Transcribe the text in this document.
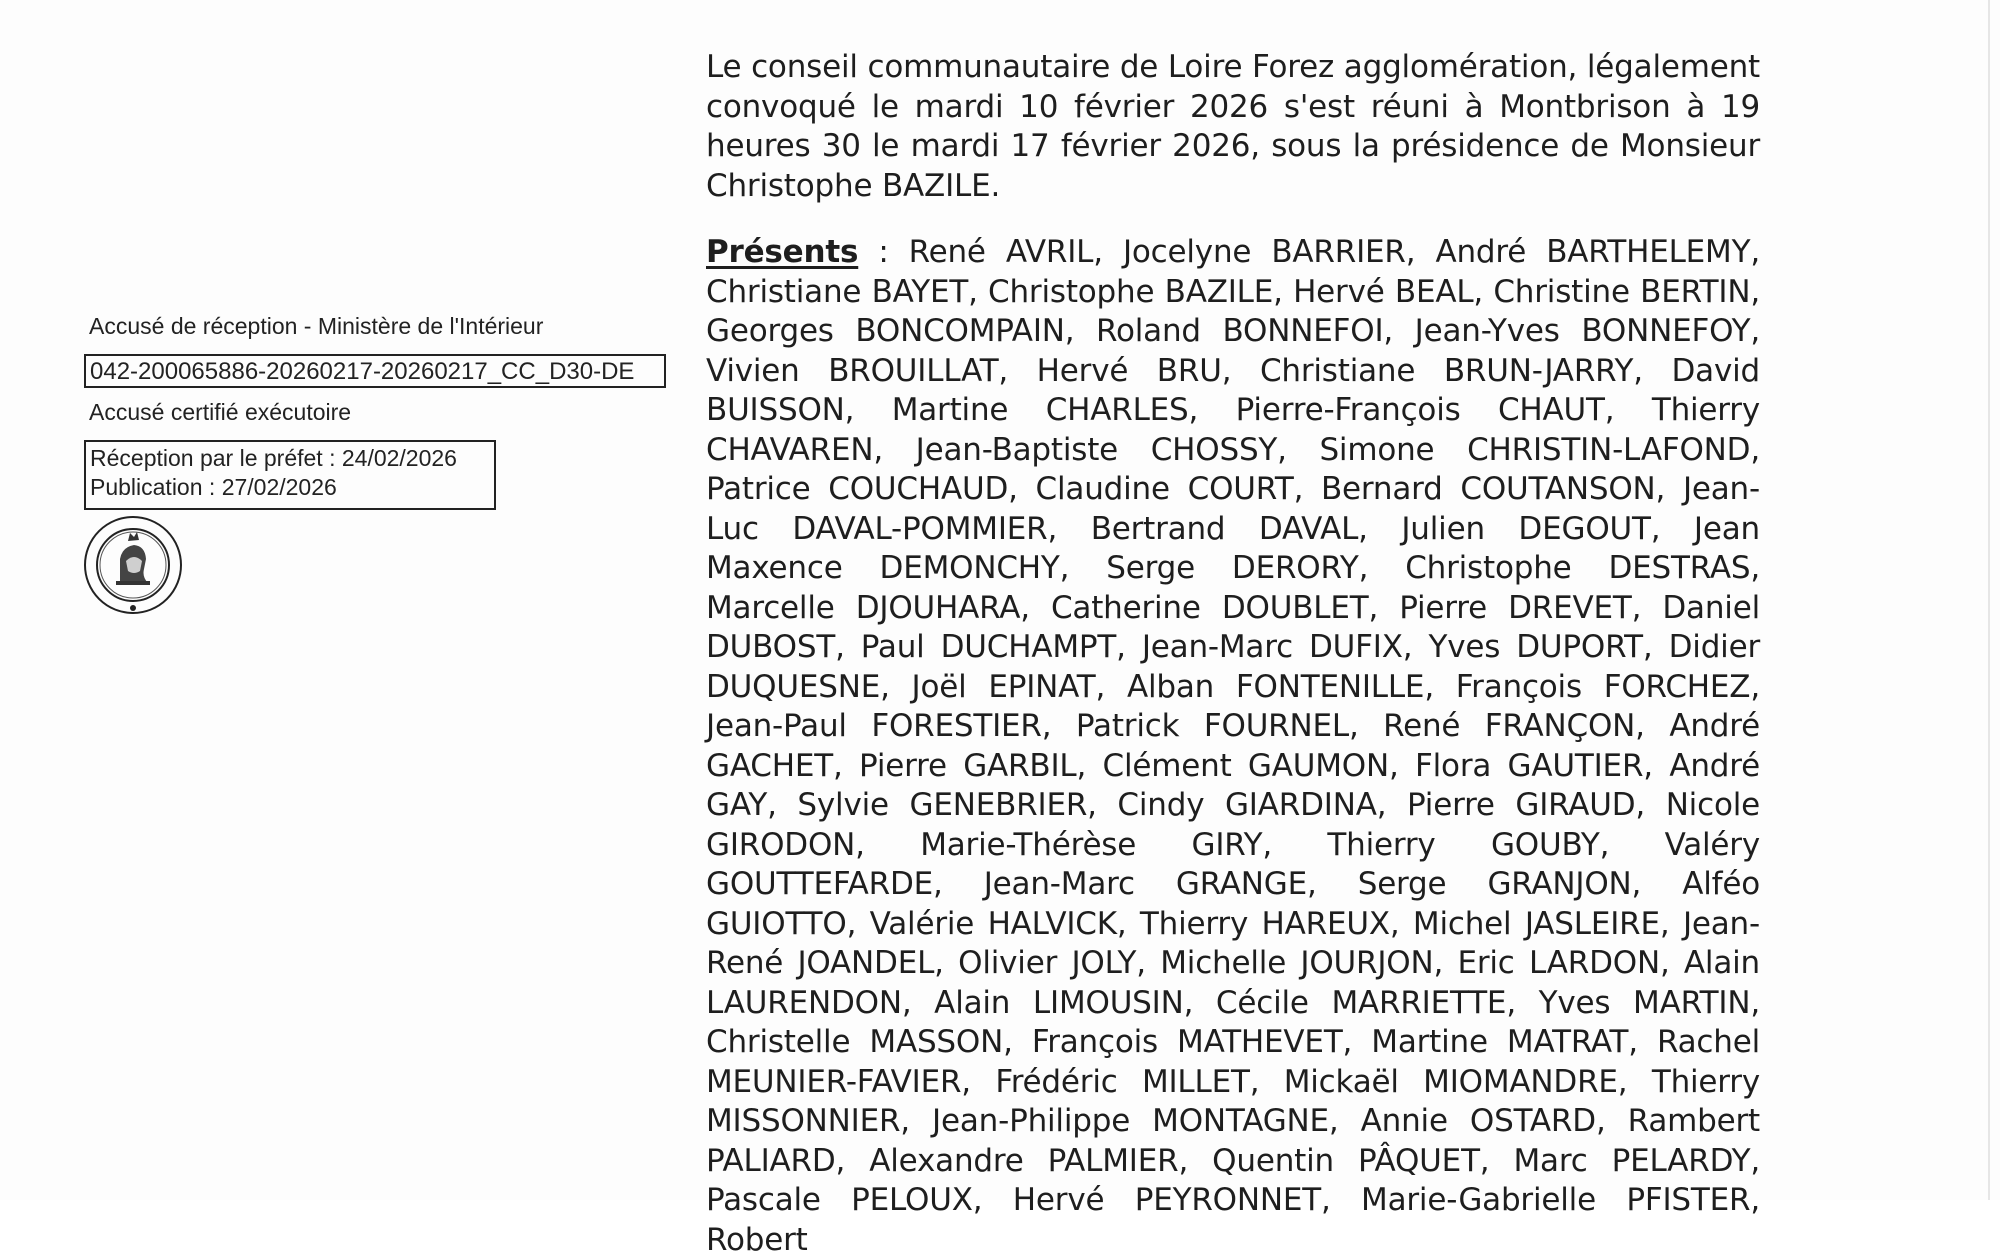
Accusé de réception - Ministère de l'Intérieur
042-200065886-20260217-20260217_CC_D30-DE
Accusé certifié exécutoire
Réception par le préfet : 24/02/2026
Publication : 27/02/2026

Le conseil communautaire de Loire Forez agglomération, légalement convoqué le mardi 10 février 2026 s'est réuni à Montbrison à 19 heures 30 le mardi 17 février 2026, sous la présidence de Monsieur Christophe BAZILE.

Présents : René AVRIL, Jocelyne BARRIER, André BARTHELEMY, Christiane BAYET, Christophe BAZILE, Hervé BEAL, Christine BERTIN, Georges BONCOMPAIN, Roland BONNEFOI, Jean-Yves BONNEFOY, Vivien BROUILLAT, Hervé BRU, Christiane BRUN-JARRY, David BUISSON, Martine CHARLES, Pierre-François CHAUT, Thierry CHAVAREN, Jean-Baptiste CHOSSY, Simone CHRISTIN-LAFOND, Patrice COUCHAUD, Claudine COURT, Bernard COUTANSON, Jean-Luc DAVAL-POMMIER, Bertrand DAVAL, Julien DEGOUT, Jean Maxence DEMONCHY, Serge DERORY, Christophe DESTRAS, Marcelle DJOUHARA, Catherine DOUBLET, Pierre DREVET, Daniel DUBOST, Paul DUCHAMPT, Jean-Marc DUFIX, Yves DUPORT, Didier DUQUESNE, Joël EPINAT, Alban FONTENILLE, François FORCHEZ, Jean-Paul FORESTIER, Patrick FOURNEL, René FRANÇON, André GACHET, Pierre GARBIL, Clément GAUMON, Flora GAUTIER, André GAY, Sylvie GENEBRIER, Cindy GIARDINA, Pierre GIRAUD, Nicole GIRODON, Marie-Thérèse GIRY, Thierry GOUBY, Valéry GOUTTEFARDE, Jean-Marc GRANGE, Serge GRANJON, Alféo GUIOTTO, Valérie HALVICK, Thierry HAREUX, Michel JASLEIRE, Jean-René JOANDEL, Olivier JOLY, Michelle JOURJON, Eric LARDON, Alain LAURENDON, Alain LIMOUSIN, Cécile MARRIETTE, Yves MARTIN, Christelle MASSON, François MATHEVET, Martine MATRAT, Rachel MEUNIER-FAVIER, Frédéric MILLET, Mickaël MIOMANDRE, Thierry MISSONNIER, Jean-Philippe MONTAGNE, Annie OSTARD, Rambert PALIARD, Alexandre PALMIER, Quentin PÂQUET, Marc PELARDY, Pascale PELOUX, Hervé PEYRONNET, Marie-Gabrielle PFISTER, Robert
